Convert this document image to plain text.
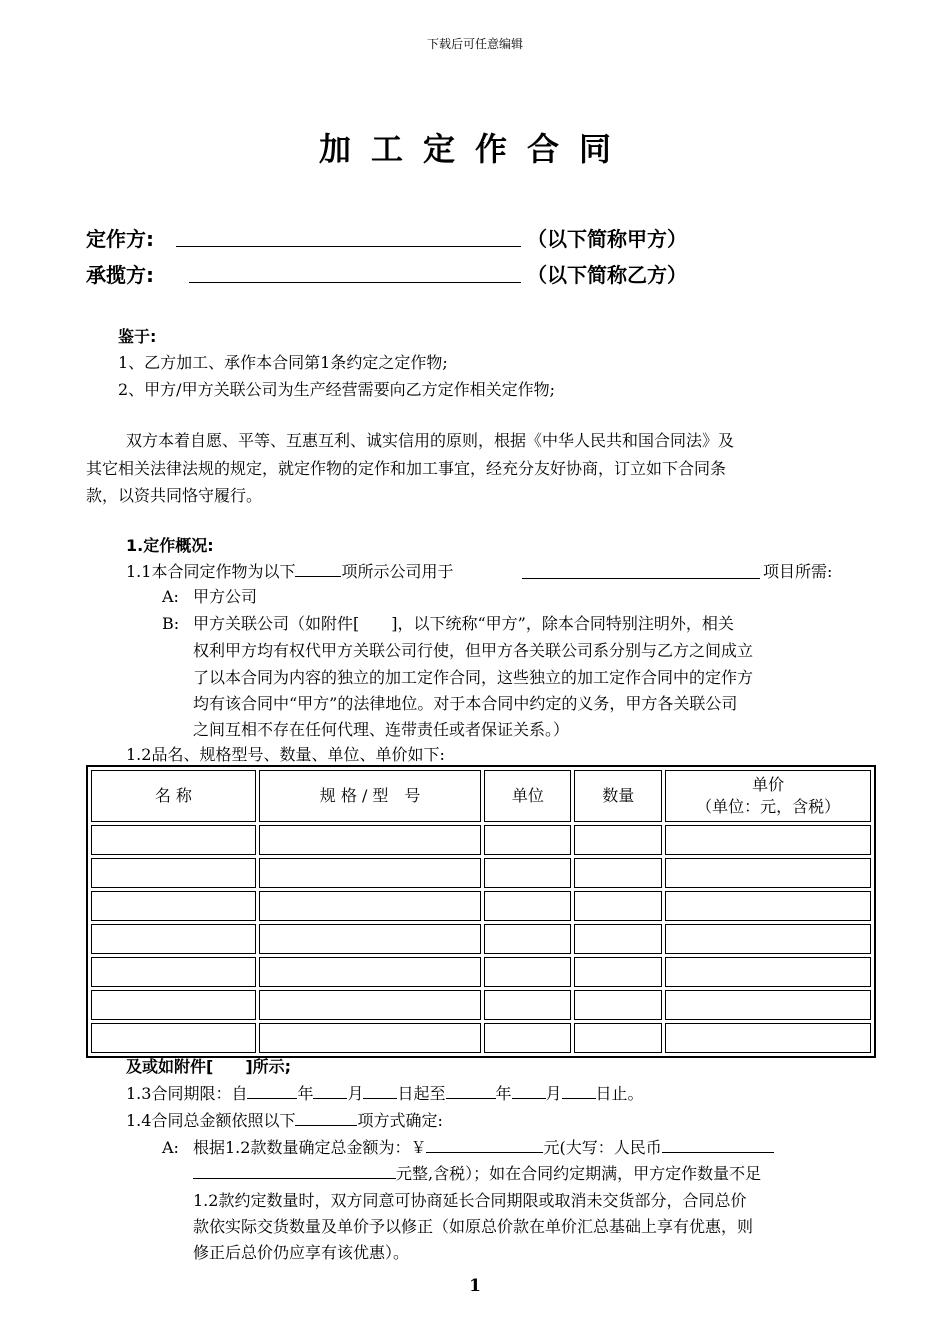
下载后可任意编辑
加工定作合同
定作方:	（以下简称甲方）
承揽方:	（以下简称乙方）
鉴于:
1、乙方加工、承作本合同第1条约定之定作物;
2、甲方/甲方关联公司为生产经营需要向乙方定作相关定作物;
双方本着自愿、平等、互惠互利、诚实信用的原则，根据《中华人民共和国合同法》及
其它相关法律法规的规定，就定作物的定作和加工事宜，经充分友好协商，订立如下合同条
款，以资共同恪守履行。
1.定作概况:
1.1本合同定作物为以下	项所示公司用于	项目所需:
A: 甲方公司
B: 甲方关联公司（如附件[　　]，以下统称“甲方”，除本合同特别注明外，相关
权利甲方均有权代甲方关联公司行使，但甲方各关联公司系分别与乙方之间成立
了以本合同为内容的独立的加工定作合同，这些独立的加工定作合同中的定作方
均有该合同中“甲方”的法律地位。对于本合同中约定的义务，甲方各关联公司
之间互相不存在任何代理、连带责任或者保证关系。）
1.2品名、规格型号、数量、单位、单价如下:
名 称	规 格 / 型　号	单位	数量	单价
（单位：元，含税）

及或如附件[　　]所示;
1.3合同期限：自	年 月 日起至	年 月 日止。
1.4合同总金额依照以下	项方式确定:
A: 根据1.2款数量确定总金额为：￥	元(大写：人民币
元整,含税）；如在合同约定期满，甲方定作数量不足
1.2款约定数量时，双方同意可协商延长合同期限或取消未交货部分，合同总价
款依实际交货数量及单价予以修正（如原总价款在单价汇总基础上享有优惠，则
修正后总价仍应享有该优惠）。
1
